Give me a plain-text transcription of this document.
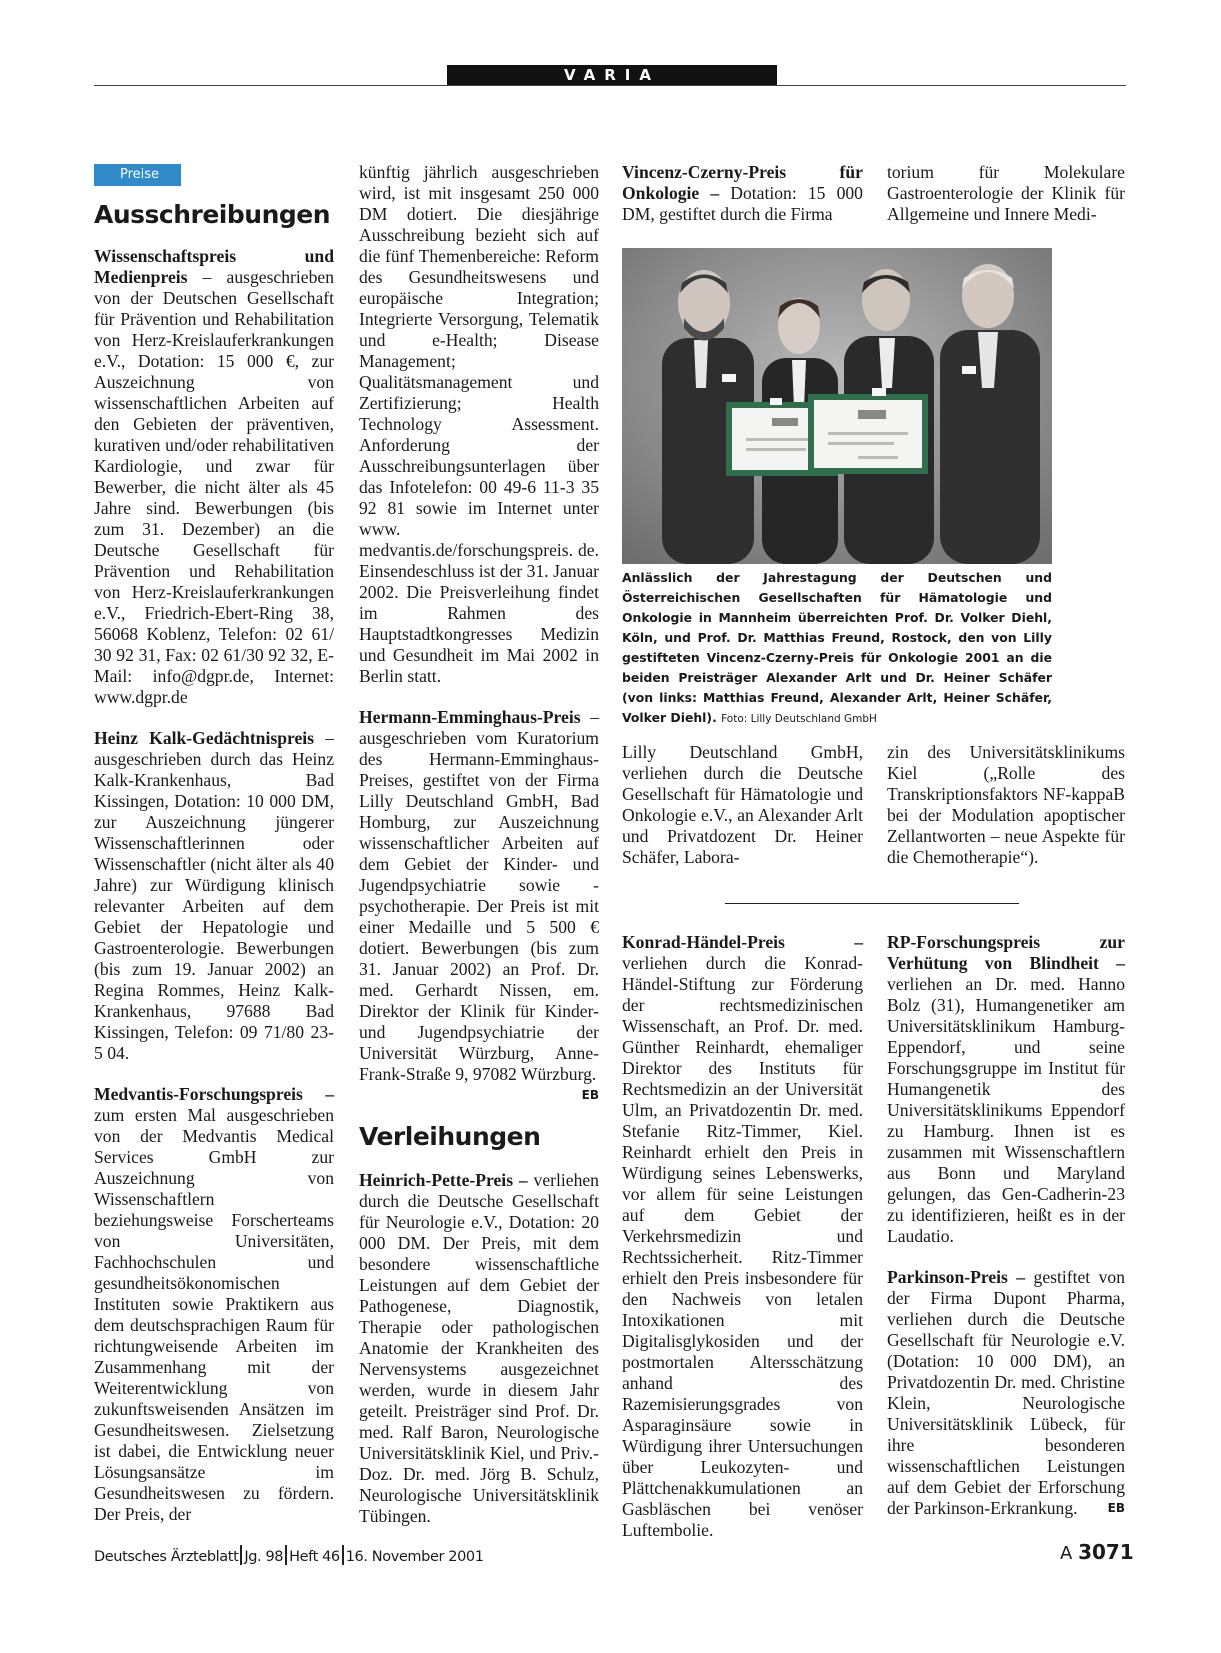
VARIA
Preise
Ausschreibungen

Wissenschaftspreis und Medienpreis – ausgeschrieben von der Deutschen Gesellschaft für Prävention und Rehabilitation von Herz-Kreislauferkrankungen e.V., Dotation: 15 000 €, zur Auszeichnung von wissenschaftlichen Arbeiten auf den Gebieten der präventiven, kurativen und/oder rehabilitativen Kardiologie, und zwar für Bewerber, die nicht älter als 45 Jahre sind. Bewerbungen (bis zum 31. Dezember) an die Deutsche Gesellschaft für Prävention und Rehabilitation von Herz-Kreislauferkrankungen e.V., Friedrich-Ebert-Ring 38, 56068 Koblenz, Telefon: 02 61/ 30 92 31, Fax: 02 61/30 92 32, E-Mail: info@dgpr.de, Internet: www.dgpr.de

Heinz Kalk-Gedächtnispreis – ausgeschrieben durch das Heinz Kalk-Krankenhaus, Bad Kissingen, Dotation: 10 000 DM, zur Auszeichnung jüngerer Wissenschaftlerinnen oder Wissenschaftler (nicht älter als 40 Jahre) zur Würdigung klinisch relevanter Arbeiten auf dem Gebiet der Hepatologie und Gastroenterologie. Bewerbungen (bis zum 19. Januar 2002) an Regina Rommes, Heinz Kalk-Krankenhaus, 97688 Bad Kissingen, Telefon: 09 71/80 23-5 04.

Medvantis-Forschungspreis – zum ersten Mal ausgeschrieben von der Medvantis Medical Services GmbH zur Auszeichnung von Wissenschaftlern beziehungsweise Forscherteams von Universitäten, Fachhochschulen und gesundheitsökonomischen Instituten sowie Praktikern aus dem deutschsprachigen Raum für richtungweisende Arbeiten im Zusammenhang mit der Weiterentwicklung von zukunftsweisenden Ansätzen im Gesundheitswesen. Zielsetzung ist dabei, die Entwicklung neuer Lösungsansätze im Gesundheitswesen zu fördern. Der Preis, der

künftig jährlich ausgeschrieben wird, ist mit insgesamt 250 000 DM dotiert. Die diesjährige Ausschreibung bezieht sich auf die fünf Themenbereiche: Reform des Gesundheitswesens und europäische Integration; Integrierte Versorgung, Telematik und e-Health; Disease Management; Qualitätsmanagement und Zertifizierung; Health Technology Assessment. Anforderung der Ausschreibungsunterlagen über das Infotelefon: 00 49-6 11-3 35 92 81 sowie im Internet unter www. medvantis.de/forschungspreis. de. Einsendeschluss ist der 31. Januar 2002. Die Preisverleihung findet im Rahmen des Hauptstadtkongresses Medizin und Gesundheit im Mai 2002 in Berlin statt.

Hermann-Emminghaus-Preis – ausgeschrieben vom Kuratorium des Hermann-Emminghaus-Preises, gestiftet von der Firma Lilly Deutschland GmbH, Bad Homburg, zur Auszeichnung wissenschaftlicher Arbeiten auf dem Gebiet der Kinder- und Jugendpsychiatrie sowie -psychotherapie. Der Preis ist mit einer Medaille und 5 500 € dotiert. Bewerbungen (bis zum 31. Januar 2002) an Prof. Dr. med. Gerhardt Nissen, em. Direktor der Klinik für Kinder- und Jugendpsychiatrie der Universität Würzburg, Anne-Frank-Straße 9, 97082 Würzburg.
EB

Verleihungen

Heinrich-Pette-Preis – verliehen durch die Deutsche Gesellschaft für Neurologie e.V., Dotation: 20 000 DM. Der Preis, mit dem besondere wissenschaftliche Leistungen auf dem Gebiet der Pathogenese, Diagnostik, Therapie oder pathologischen Anatomie der Krankheiten des Nervensystems ausgezeichnet werden, wurde in diesem Jahr geteilt. Preisträger sind Prof. Dr. med. Ralf Baron, Neurologische Universitätsklinik Kiel, und Priv.-Doz. Dr. med. Jörg B. Schulz, Neurologische Universitätsklinik Tübingen.

Vincenz-Czerny-Preis für Onkologie – Dotation: 15 000 DM, gestiftet durch die Firma

torium für Molekulare Gastroenterologie der Klinik für Allgemeine und Innere Medi-

Anlässlich der Jahrestagung der Deutschen und Österreichischen Gesellschaften für Hämatologie und Onkologie in Mannheim überreichten Prof. Dr. Volker Diehl, Köln, und Prof. Dr. Matthias Freund, Rostock, den von Lilly gestifteten Vincenz-Czerny-Preis für Onkologie 2001 an die beiden Preisträger Alexander Arlt und Dr. Heiner Schäfer (von links: Matthias Freund, Alexander Arlt, Heiner Schäfer, Volker Diehl). Foto: Lilly Deutschland GmbH

Lilly Deutschland GmbH, verliehen durch die Deutsche Gesellschaft für Hämatologie und Onkologie e.V., an Alexander Arlt und Privatdozent Dr. Heiner Schäfer, Labora-

zin des Universitätsklinikums Kiel („Rolle des Transkriptionsfaktors NF-kappaB bei der Modulation apoptischer Zellantworten – neue Aspekte für die Chemotherapie“).

Konrad-Händel-Preis – verliehen durch die Konrad-Händel-Stiftung zur Förderung der rechtsmedizinischen Wissenschaft, an Prof. Dr. med. Günther Reinhardt, ehemaliger Direktor des Instituts für Rechtsmedizin an der Universität Ulm, an Privatdozentin Dr. med. Stefanie Ritz-Timmer, Kiel. Reinhardt erhielt den Preis in Würdigung seines Lebenswerks, vor allem für seine Leistungen auf dem Gebiet der Verkehrsmedizin und Rechtssicherheit. Ritz-Timmer erhielt den Preis insbesondere für den Nachweis von letalen Intoxikationen mit Digitalisglykosiden und der postmortalen Altersschätzung anhand des Razemisierungsgrades von Asparaginsäure sowie in Würdigung ihrer Untersuchungen über Leukozyten- und Plättchenakkumulationen an Gasbläschen bei venöser Luftembolie.

RP-Forschungspreis zur Verhütung von Blindheit – verliehen an Dr. med. Hanno Bolz (31), Humangenetiker am Universitätsklinikum Hamburg-Eppendorf, und seine Forschungsgruppe im Institut für Humangenetik des Universitätsklinikums Eppendorf zu Hamburg. Ihnen ist es zusammen mit Wissenschaftlern aus Bonn und Maryland gelungen, das Gen-Cadherin-23 zu identifizieren, heißt es in der Laudatio.

Parkinson-Preis – gestiftet von der Firma Dupont Pharma, verliehen durch die Deutsche Gesellschaft für Neurologie e.V. (Dotation: 10 000 DM), an Privatdozentin Dr. med. Christine Klein, Neurologische Universitätsklinik Lübeck, für ihre besonderen wissenschaftlichen Leistungen auf dem Gebiet der Erforschung der Parkinson-Erkrankung.	EB

Deutsches Ärzteblatt Jg. 98 Heft 46 16. November 2001	A 3071
